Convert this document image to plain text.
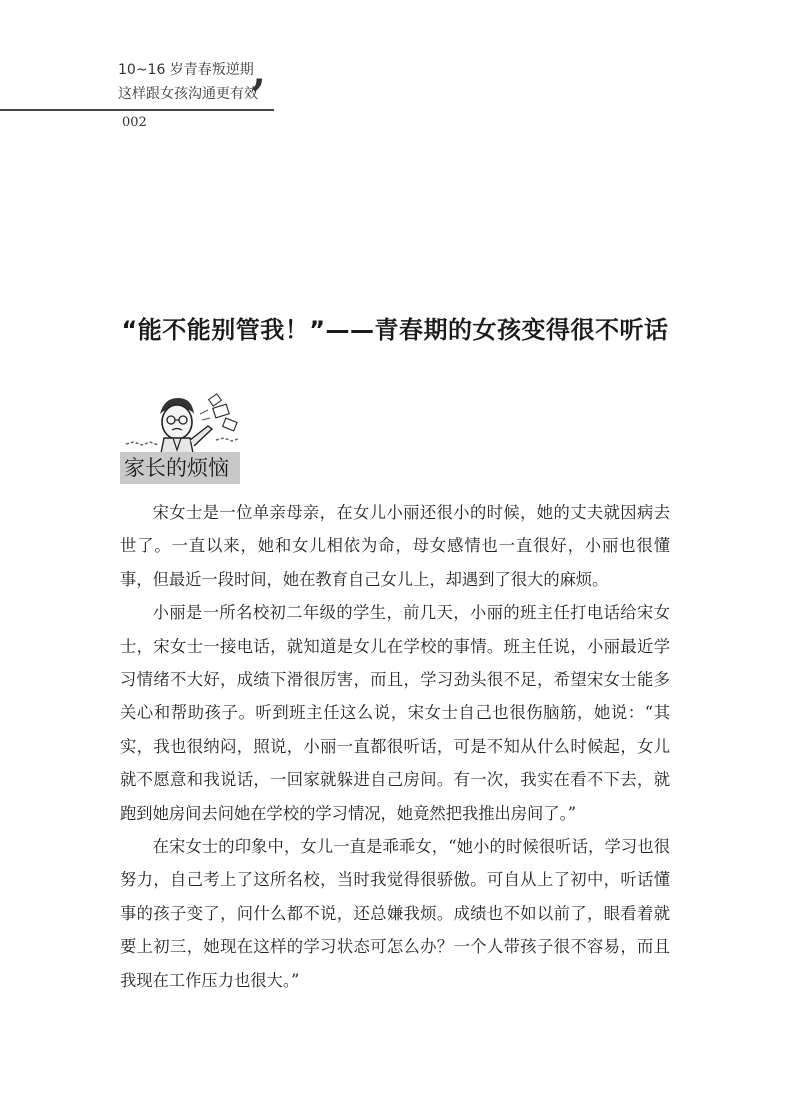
10~16 岁青春叛逆期
,
这样跟女孩沟通更有效
002
“能不能别管我！”——青春期的女孩变得很不听话
家长的烦恼

宋女士是一位单亲母亲，在女儿小丽还很小的时候，她的丈夫就因病去世了。一直以来，她和女儿相依为命，母女感情也一直很好，小丽也很懂事，但最近一段时间，她在教育自己女儿上，却遇到了很大的麻烦。

小丽是一所名校初二年级的学生，前几天，小丽的班主任打电话给宋女士，宋女士一接电话，就知道是女儿在学校的事情。班主任说，小丽最近学习情绪不大好，成绩下滑很厉害，而且，学习劲头很不足，希望宋女士能多关心和帮助孩子。听到班主任这么说，宋女士自己也很伤脑筋，她说：“其实，我也很纳闷，照说，小丽一直都很听话，可是不知从什么时候起，女儿就不愿意和我说话，一回家就躲进自己房间。有一次，我实在看不下去，就跑到她房间去问她在学校的学习情况，她竟然把我推出房间了。”

在宋女士的印象中，女儿一直是乖乖女，“她小的时候很听话，学习也很努力，自己考上了这所名校，当时我觉得很骄傲。可自从上了初中，听话懂事的孩子变了，问什么都不说，还总嫌我烦。成绩也不如以前了，眼看着就要上初三，她现在这样的学习状态可怎么办？一个人带孩子很不容易，而且我现在工作压力也很大。”
